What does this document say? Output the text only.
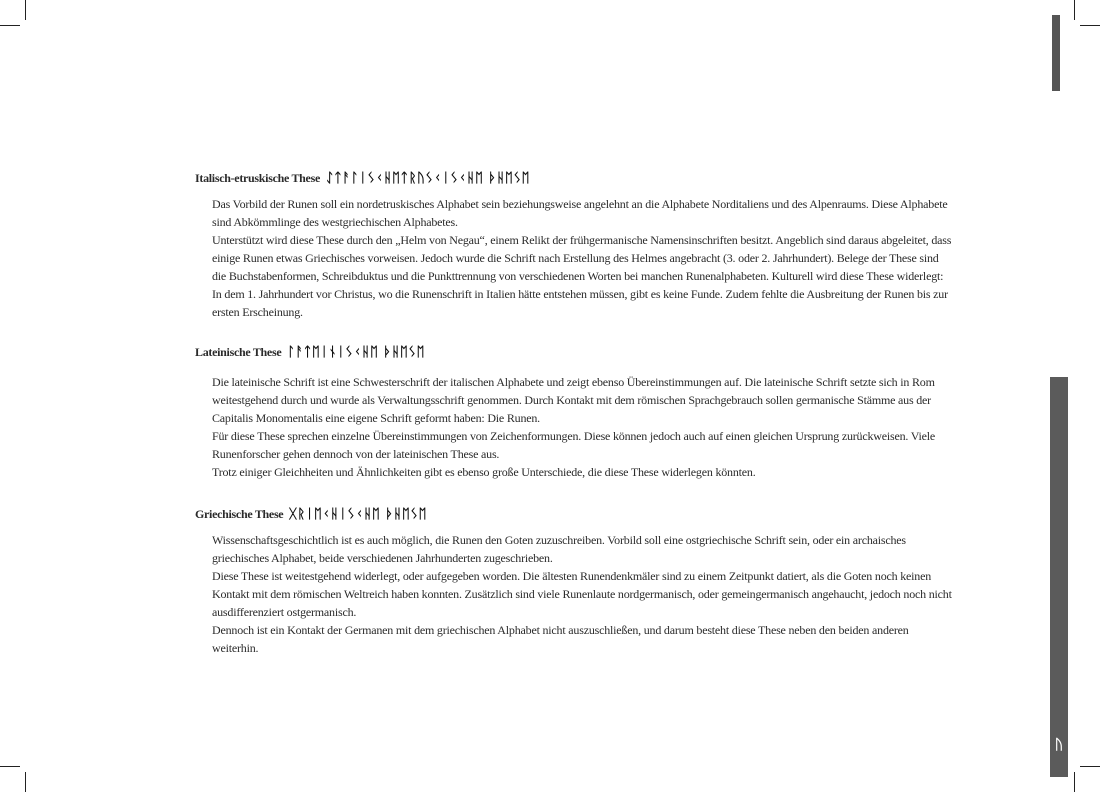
ᚢ
Italisch-etruskische These ᛇᛏᚨᛚᛁᛊᚲᚺᛖᛏᚱᚢᛊᚲᛁᛊᚲᚺᛖ ᚦᚺᛖᛊᛖ

Das Vorbild der Runen soll ein nordetruskisches Alphabet sein beziehungsweise angelehnt an die Alphabete Norditaliens und des Alpenraums. Diese Alphabete sind Abkömmlinge des westgriechischen Alphabetes.

Unterstützt wird diese These durch den „Helm von Negau“, einem Relikt der frühgermanische Namensinschriften besitzt. Angeblich sind daraus abgeleitet, dass einige Runen etwas Griechisches vorweisen. Jedoch wurde die Schrift nach Erstellung des Helmes angebracht (3. oder 2. Jahrhundert). Belege der These sind die Buchstabenformen, Schreibduktus und die Punkttrennung von verschiedenen Worten bei manchen Runenalphabeten. Kulturell wird diese These widerlegt: In dem 1. Jahrhundert vor Christus, wo die Runenschrift in Italien hätte entstehen müssen, gibt es keine Funde. Zudem fehlte die Ausbreitung der Runen bis zur ersten Erscheinung.

Lateinische These ᛚᚨᛏᛖᛁᚾᛁᛊᚲᚺᛖ ᚦᚺᛖᛊᛖ

Die lateinische Schrift ist eine Schwesterschrift der italischen Alphabete und zeigt ebenso Übereinstimmungen auf. Die lateinische Schrift setzte sich in Rom weitestgehend durch und wurde als Verwaltungsschrift genommen. Durch Kontakt mit dem römischen Sprachgebrauch sollen germanische Stämme aus der Capitalis Monomentalis eine eigene Schrift geformt haben: Die Runen.

Für diese These sprechen einzelne Übereinstimmungen von Zeichenformungen. Diese können jedoch auch auf einen gleichen Ursprung zurückweisen. Viele Runenforscher gehen dennoch von der lateinischen These aus.

Trotz einiger Gleichheiten und Ähnlichkeiten gibt es ebenso große Unterschiede, die diese These widerlegen könnten.

Griechische These ᚷᚱᛁᛖᚲᚺᛁᛊᚲᚺᛖ ᚦᚺᛖᛊᛖ

Wissenschaftsgeschichtlich ist es auch möglich, die Runen den Goten zuzuschreiben. Vorbild soll eine ostgriechische Schrift sein, oder ein archaisches griechisches Alphabet, beide verschiedenen Jahrhunderten zugeschrieben.

Diese These ist weitestgehend widerlegt, oder aufgegeben worden. Die ältesten Runendenkmäler sind zu einem Zeitpunkt datiert, als die Goten noch keinen Kontakt mit dem römischen Weltreich haben konnten. Zusätzlich sind viele Runenlaute nordgermanisch, oder gemeingermanisch angehaucht, jedoch noch nicht ausdifferenziert ostgermanisch.

Dennoch ist ein Kontakt der Germanen mit dem griechischen Alphabet nicht auszuschließen, und darum besteht diese These neben den beiden anderen weiterhin.
